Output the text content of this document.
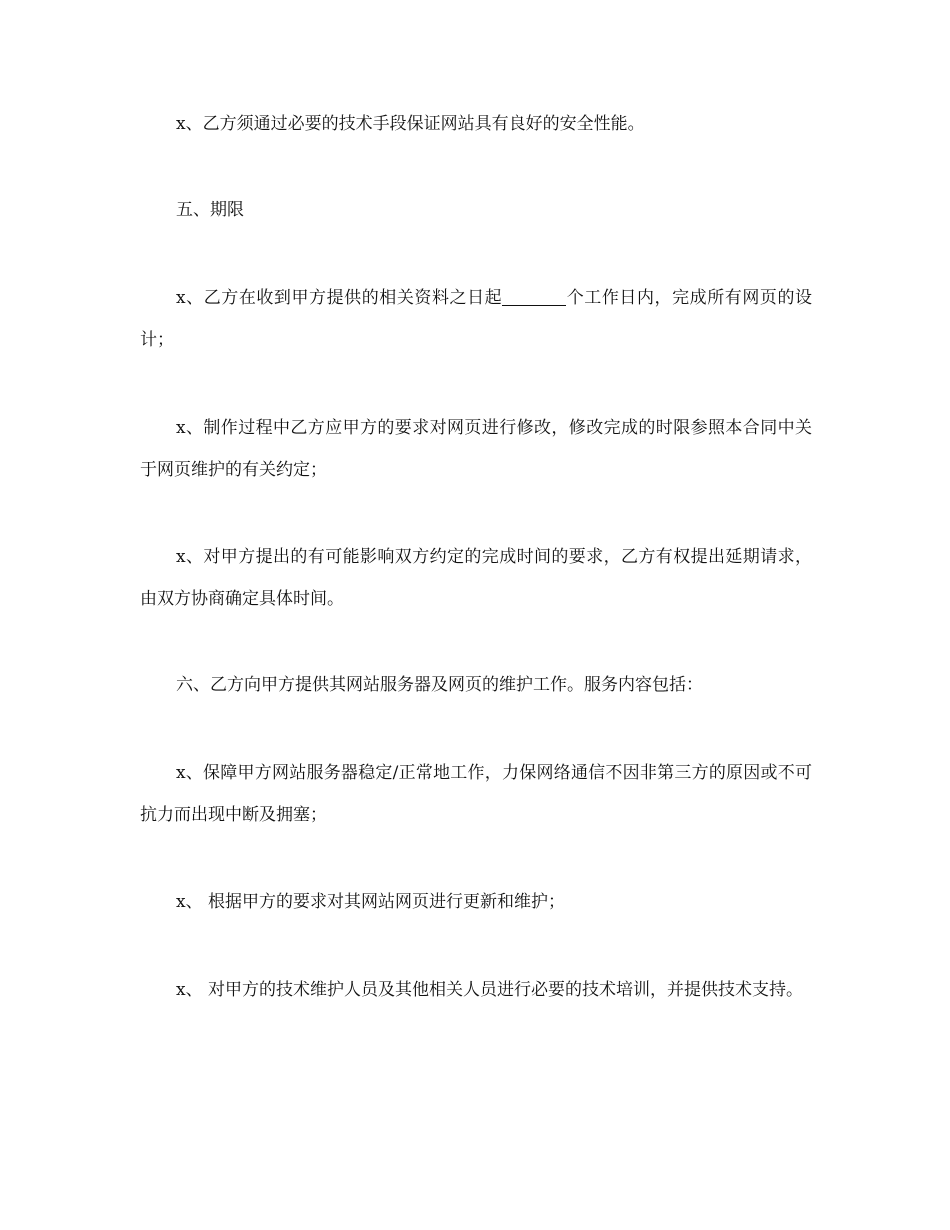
x、乙方须通过必要的技术手段保证网站具有良好的安全性能。

五、期限

x、乙方在收到甲方提供的相关资料之日起	个工作日内，完成所有网页的设计；

x、制作过程中乙方应甲方的要求对网页进行修改，修改完成的时限参照本合同中关于网页维护的有关约定；

x、对甲方提出的有可能影响双方约定的完成时间的要求，乙方有权提出延期请求，由双方协商确定具体时间。

六、乙方向甲方提供其网站服务器及网页的维护工作。服务内容包括：

x、保障甲方网站服务器稳定/正常地工作，力保网络通信不因非第三方的原因或不可抗力而出现中断及拥塞；

x、 根据甲方的要求对其网站网页进行更新和维护；

x、 对甲方的技术维护人员及其他相关人员进行必要的技术培训，并提供技术支持。
